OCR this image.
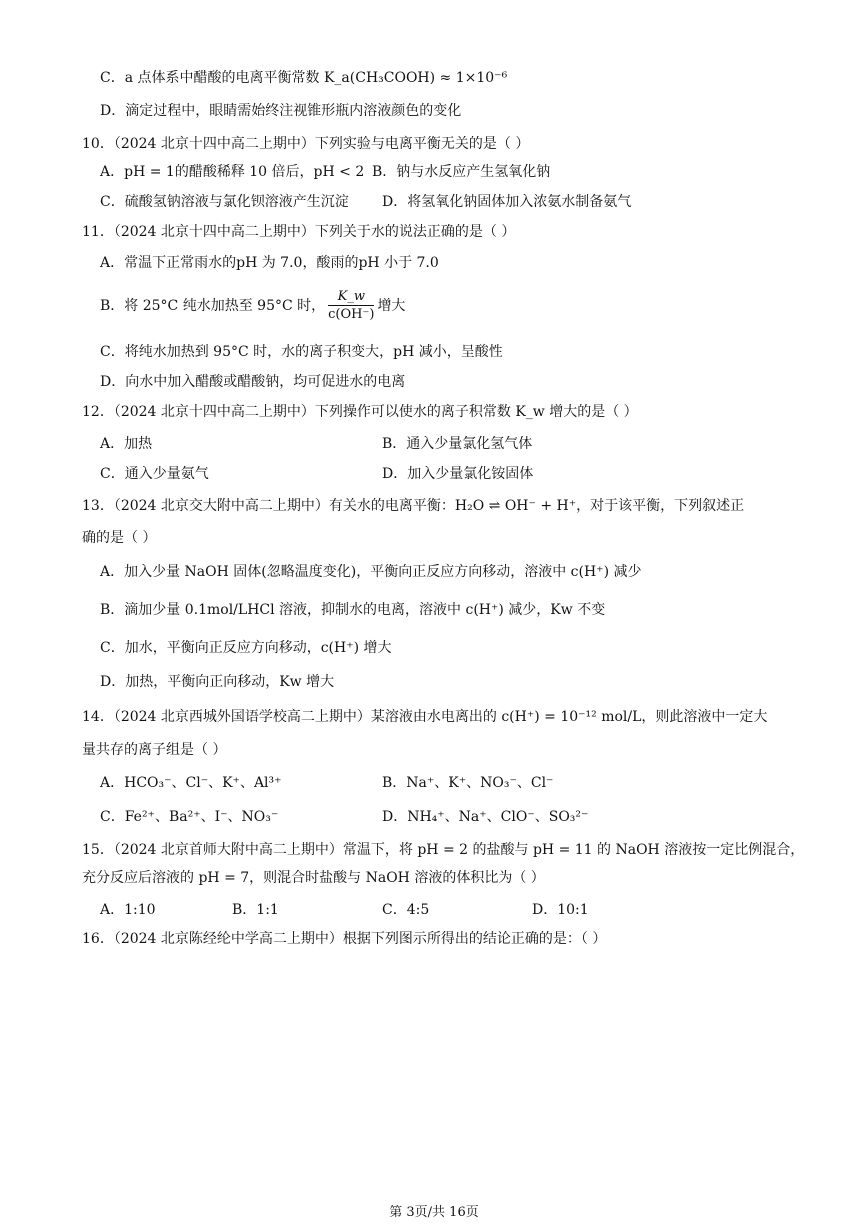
C．a 点体系中醋酸的电离平衡常数 K_a(CH₃COOH) ≈ 1×10⁻⁶
D．滴定过程中，眼睛需始终注视锥形瓶内溶液颜色的变化
10．（2024 北京十四中高二上期中）下列实验与电离平衡无关的是（ ）
A．pH = 1的醋酸稀释 10 倍后，pH < 2 B．钠与水反应产生氢氧化钠
C．硫酸氢钠溶液与氯化钡溶液产生沉淀 D．将氢氧化钠固体加入浓氨水制备氨气
11．（2024 北京十四中高二上期中）下列关于水的说法正确的是（ ）
A．常温下正常雨水的pH 为 7.0，酸雨的pH 小于 7.0
B．将 25°C 纯水加热至 95°C 时， $\frac{K\_w}{c(OH^-)}$ 增大
C．将纯水加热到 95°C 时，水的离子积变大，pH 减小，呈酸性
D．向水中加入醋酸或醋酸钠，均可促进水的电离
12．（2024 北京十四中高二上期中）下列操作可以使水的离子积常数 K_w 增大的是（ ）
A．加热	B．通入少量氯化氢气体
C．通入少量氨气	D．加入少量氯化铵固体
13．（2024 北京交大附中高二上期中）有关水的电离平衡：H₂O ⇌ OH⁻ + H⁺，对于该平衡，下列叙述正
确的是（ ）
A．加入少量 NaOH 固体(忽略温度变化)，平衡向正反应方向移动，溶液中 c(H⁺) 减少
B．滴加少量 0.1mol/LHCl 溶液，抑制水的电离，溶液中 c(H⁺) 减少，Kw 不变
C．加水，平衡向正反应方向移动，c(H⁺) 增大
D．加热，平衡向正向移动，Kw 增大
14．（2024 北京西城外国语学校高二上期中）某溶液由水电离出的 c(H⁺) = 10⁻¹² mol/L，则此溶液中一定大
量共存的离子组是（ ）
A．HCO₃⁻、Cl⁻、K⁺、Al³⁺	B．Na⁺、K⁺、NO₃⁻、Cl⁻
C．Fe²⁺、Ba²⁺、I⁻、NO₃⁻	D．NH₄⁺、Na⁺、ClO⁻、SO₃²⁻
15．（2024 北京首师大附中高二上期中）常温下，将 pH = 2 的盐酸与 pH = 11 的 NaOH 溶液按一定比例混合，
充分反应后溶液的 pH = 7，则混合时盐酸与 NaOH 溶液的体积比为（ ）
A．1:10	B．1:1	C．4:5	D．10:1
16．（2024 北京陈经纶中学高二上期中）根据下列图示所得出的结论正确的是：（ ）
第 3页/共 16页
